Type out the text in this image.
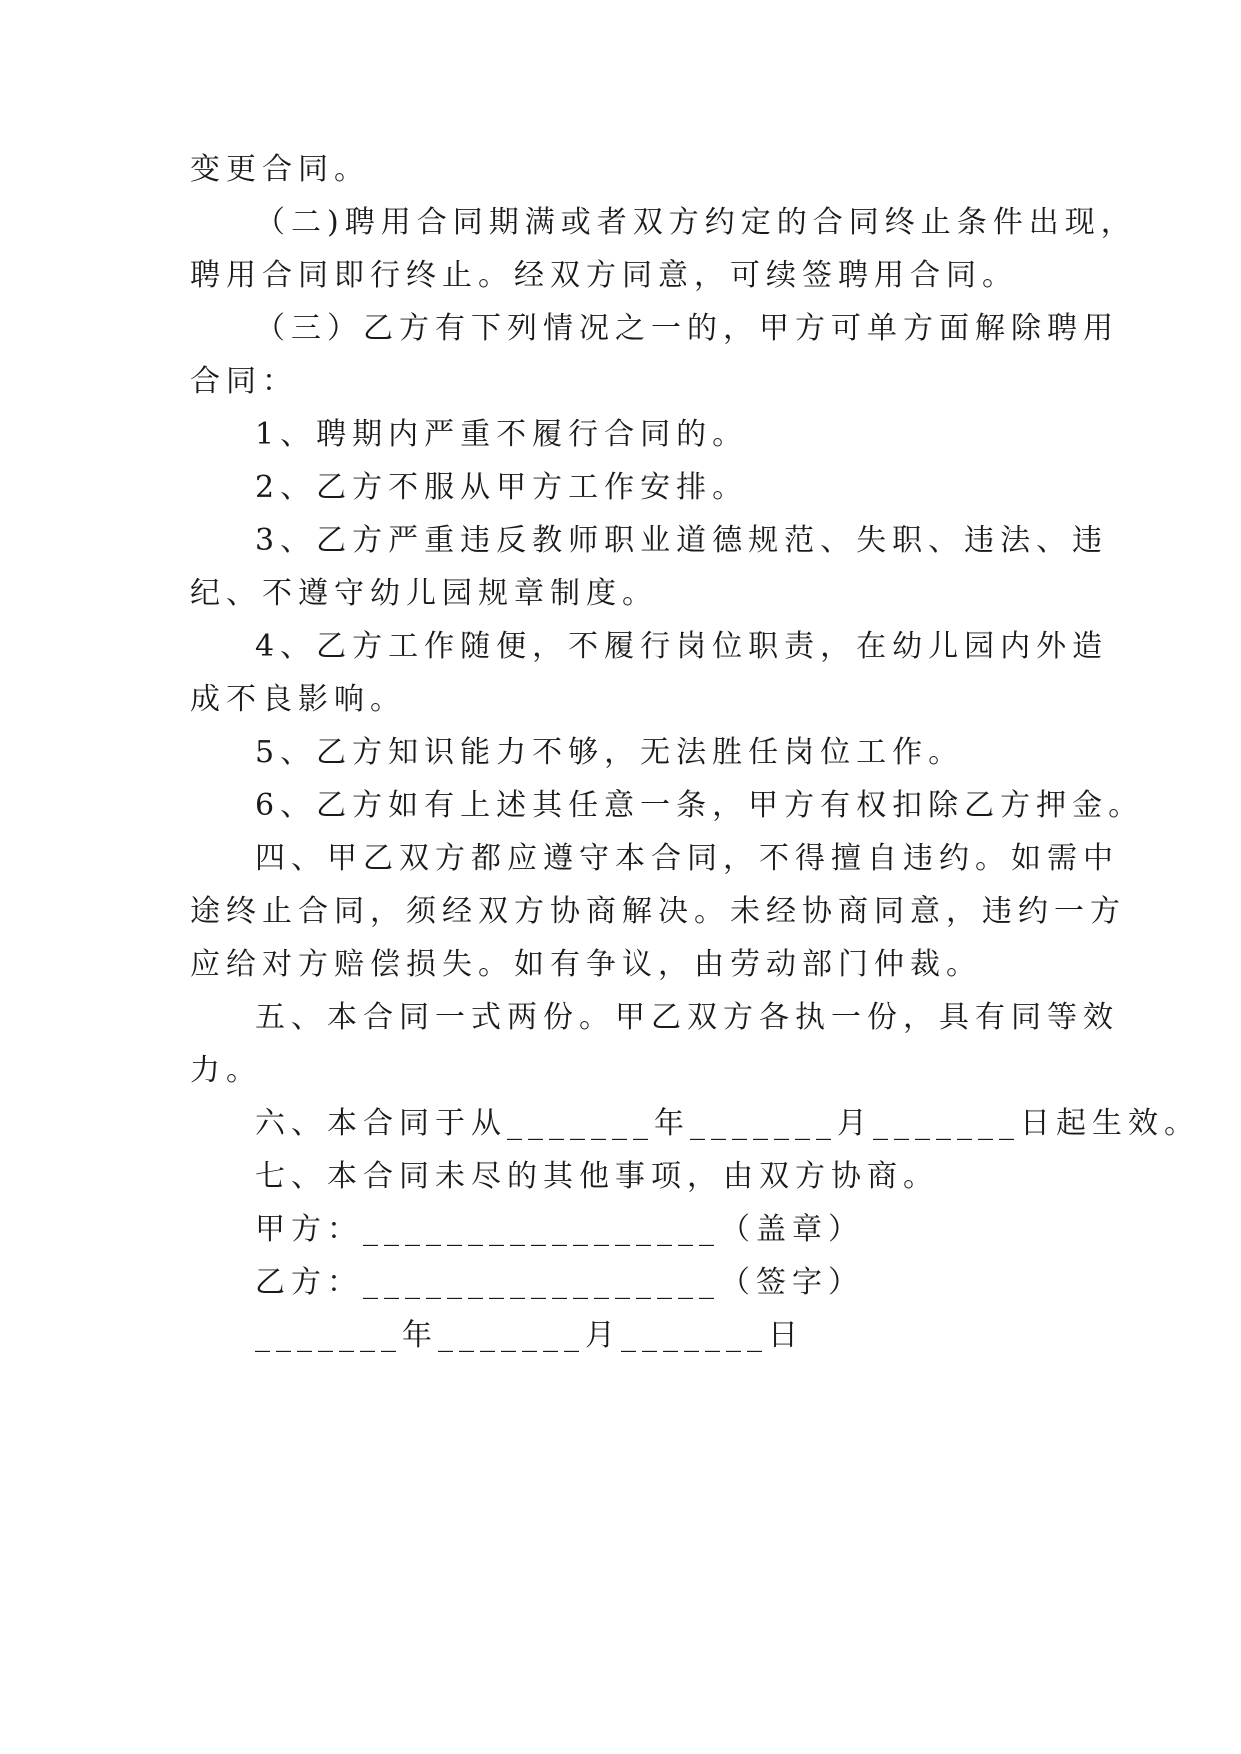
变更合同。
（二)聘用合同期满或者双方约定的合同终止条件出现，
聘用合同即行终止。经双方同意，可续签聘用合同。
（三）乙方有下列情况之一的，甲方可单方面解除聘用
合同：
1、聘期内严重不履行合同的。
2、乙方不服从甲方工作安排。
3、乙方严重违反教师职业道德规范、失职、违法、违
纪、不遵守幼儿园规章制度。
4、乙方工作随便，不履行岗位职责，在幼儿园内外造
成不良影响。
5、乙方知识能力不够，无法胜任岗位工作。
6、乙方如有上述其任意一条，甲方有权扣除乙方押金。
四、甲乙双方都应遵守本合同，不得擅自违约。如需中
途终止合同，须经双方协商解决。未经协商同意，违约一方
应给对方赔偿损失。如有争议，由劳动部门仲裁。
五、本合同一式两份。甲乙双方各执一份，具有同等效
力。
六、本合同于从_______年_______月_______日起生效。
七、本合同未尽的其他事项，由双方协商。
甲方：_________________（盖章）
乙方：_________________（签字）
_______年_______月_______日
